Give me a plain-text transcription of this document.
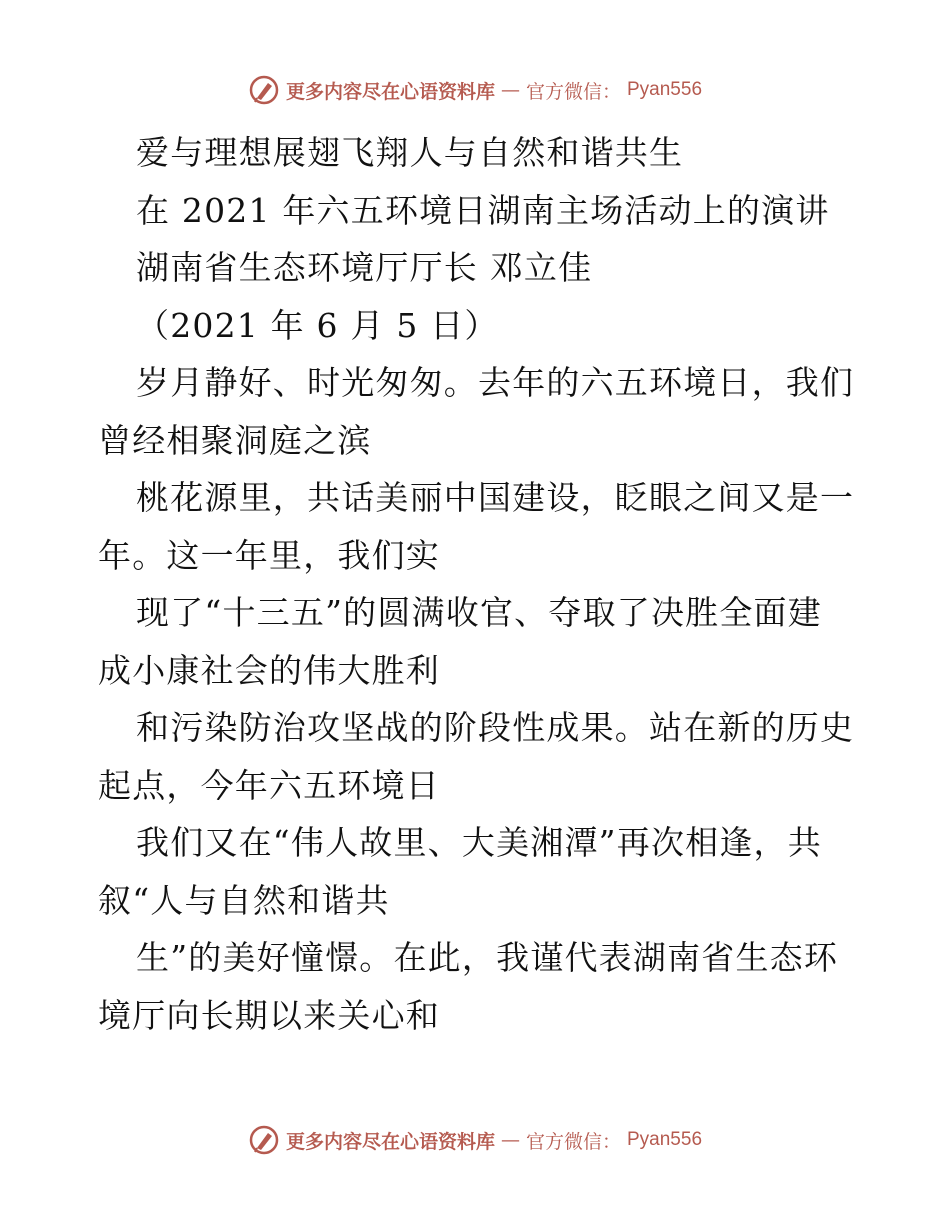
更多内容尽在心语资料库 — 官方微信： Pyan556
爱与理想展翅飞翔人与自然和谐共生
在 2021 年六五环境日湖南主场活动上的演讲
湖南省生态环境厅厅长 邓立佳
（2021 年 6 月 5 日）
岁月静好、时光匆匆。去年的六五环境日，我们
曾经相聚洞庭之滨
桃花源里，共话美丽中国建设，眨眼之间又是一
年。这一年里，我们实
现了“十三五”的圆满收官、夺取了决胜全面建
成小康社会的伟大胜利
和污染防治攻坚战的阶段性成果。站在新的历史
起点，今年六五环境日
我们又在“伟人故里、大美湘潭”再次相逢，共
叙“人与自然和谐共
生”的美好憧憬。在此，我谨代表湖南省生态环
境厅向长期以来关心和
更多内容尽在心语资料库 — 官方微信： Pyan556
